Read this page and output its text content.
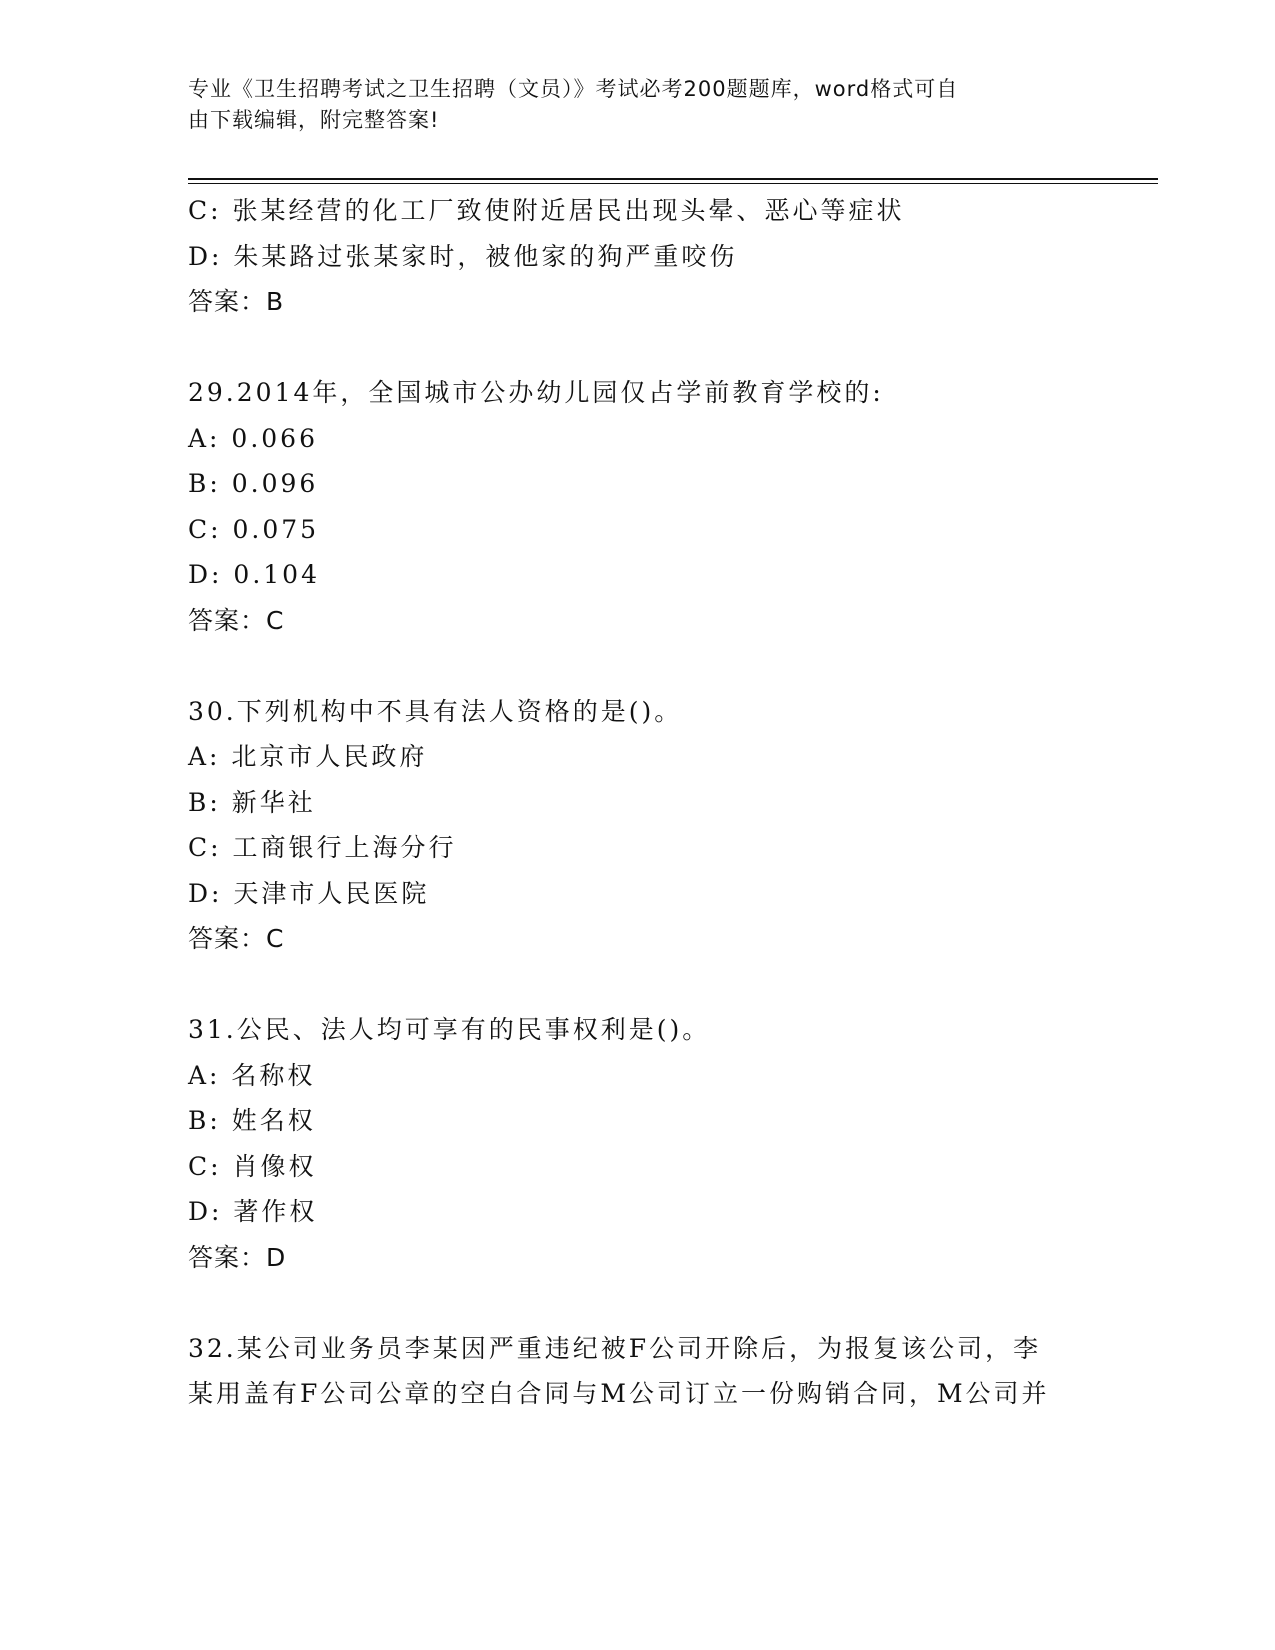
专业《卫生招聘考试之卫生招聘（文员）》考试必考200题题库，word格式可自
由下载编辑，附完整答案!
C: 张某经营的化工厂致使附近居民出现头晕、恶心等症状
D: 朱某路过张某家时，被他家的狗严重咬伤
答案：B
29.2014年，全国城市公办幼儿园仅占学前教育学校的:
A: 0.066
B: 0.096
C: 0.075
D: 0.104
答案：C
30.下列机构中不具有法人资格的是()。
A: 北京市人民政府
B: 新华社
C: 工商银行上海分行
D: 天津市人民医院
答案：C
31.公民、法人均可享有的民事权利是()。
A: 名称权
B: 姓名权
C: 肖像权
D: 著作权
答案：D
32.某公司业务员李某因严重违纪被F公司开除后，为报复该公司，李
某用盖有F公司公章的空白合同与M公司订立一份购销合同，M公司并
